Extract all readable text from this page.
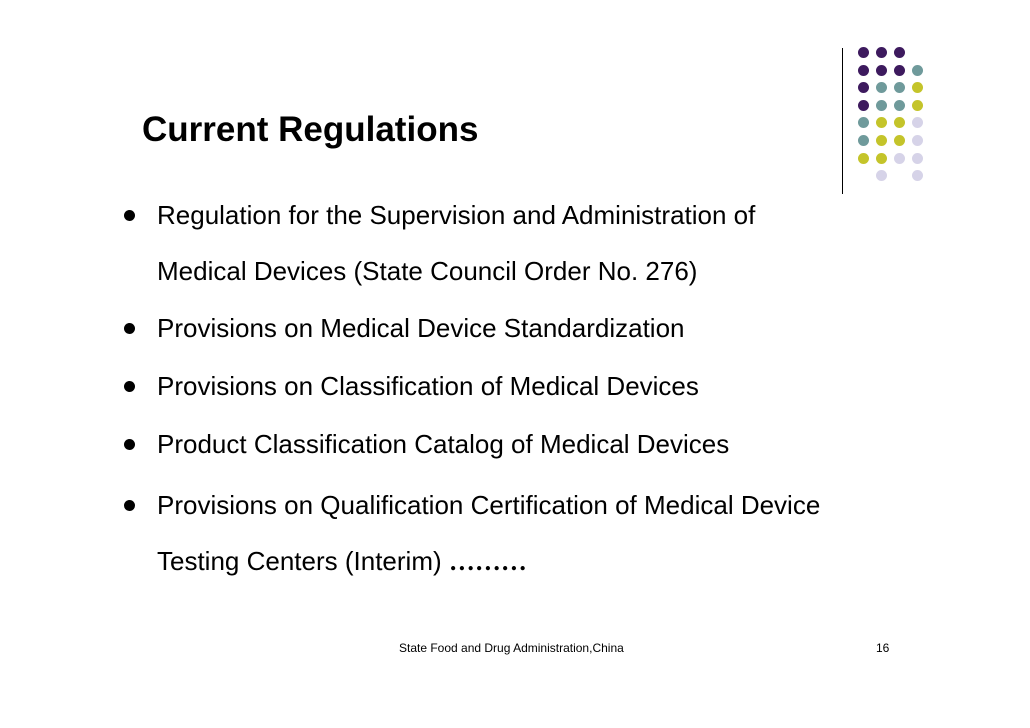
Current Regulations
Regulation for the Supervision and Administration of
Medical Devices (State Council Order No. 276)
Provisions on Medical Device Standardization
Provisions on Classification of Medical Devices
Product Classification Catalog of Medical Devices
Provisions on Qualification Certification of Medical Device
Testing Centers (Interim) ………
State Food and Drug Administration,China	16
